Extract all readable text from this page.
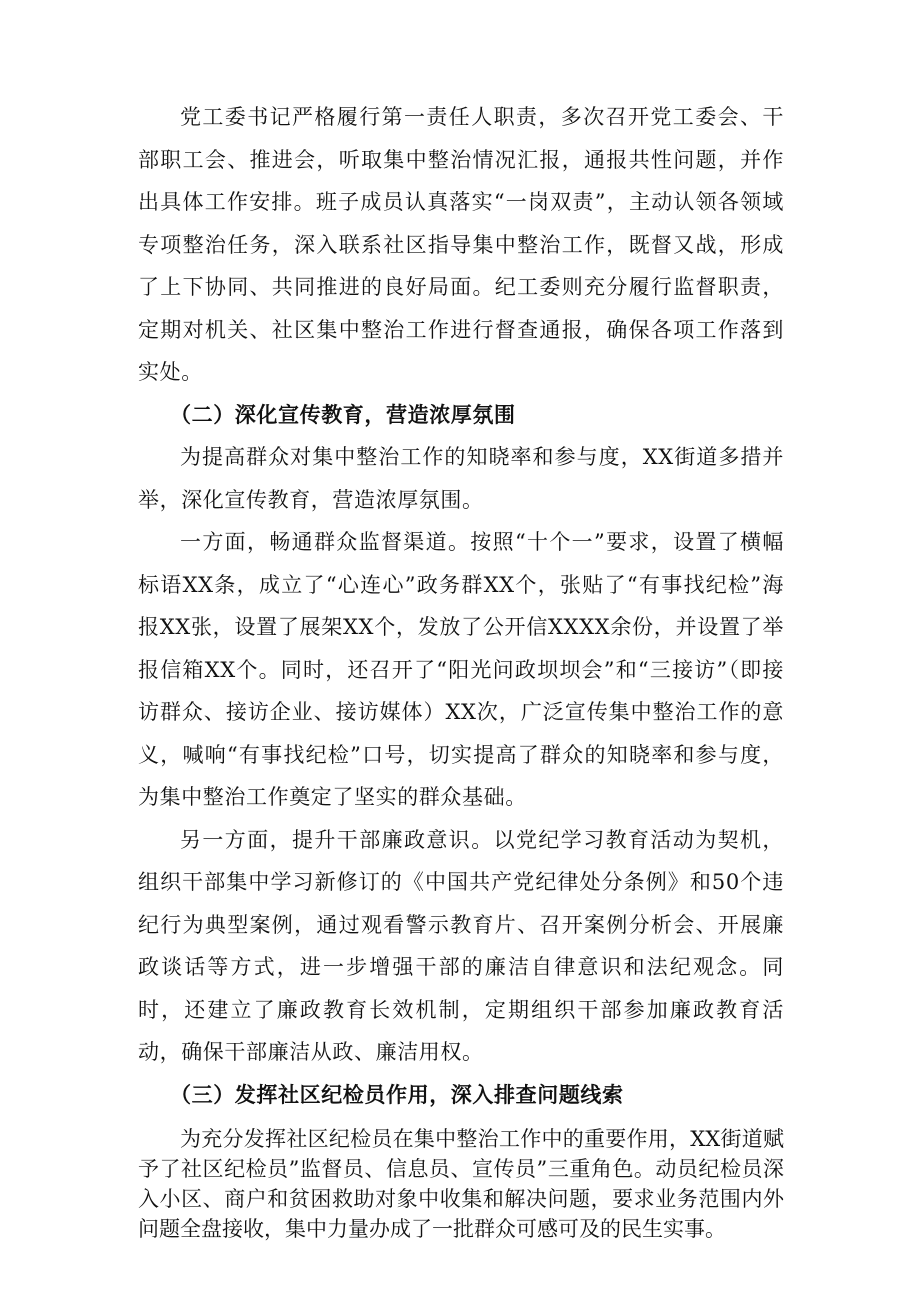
党工委书记严格履行第一责任人职责，多次召开党工委会、干部职工会、推进会，听取集中整治情况汇报，通报共性问题，并作出具体工作安排。班子成员认真落实“一岗双责”，主动认领各领域专项整治任务，深入联系社区指导集中整治工作，既督又战，形成了上下协同、共同推进的良好局面。纪工委则充分履行监督职责，定期对机关、社区集中整治工作进行督查通报，确保各项工作落到实处。

（二）深化宣传教育，营造浓厚氛围

为提高群众对集中整治工作的知晓率和参与度，XX街道多措并举，深化宣传教育，营造浓厚氛围。

一方面，畅通群众监督渠道。按照“十个一”要求，设置了横幅标语XX条，成立了“心连心”政务群XX个，张贴了“有事找纪检”海报XX张，设置了展架XX个，发放了公开信XXXX余份，并设置了举报信箱XX个。同时，还召开了“阳光问政坝坝会”和“三接访”（即接访群众、接访企业、接访媒体）XX次，广泛宣传集中整治工作的意义，喊响“有事找纪检”口号，切实提高了群众的知晓率和参与度，为集中整治工作奠定了坚实的群众基础。

另一方面，提升干部廉政意识。以党纪学习教育活动为契机，组织干部集中学习新修订的《中国共产党纪律处分条例》和50个违纪行为典型案例，通过观看警示教育片、召开案例分析会、开展廉政谈话等方式，进一步增强干部的廉洁自律意识和法纪观念。同时，还建立了廉政教育长效机制，定期组织干部参加廉政教育活动，确保干部廉洁从政、廉洁用权。

（三）发挥社区纪检员作用，深入排查问题线索

为充分发挥社区纪检员在集中整治工作中的重要作用，XX街道赋予了社区纪检员”监督员、信息员、宣传员”三重角色。动员纪检员深入小区、商户和贫困救助对象中收集和解决问题，要求业务范围内外问题全盘接收，集中力量办成了一批群众可感可及的民生实事。
